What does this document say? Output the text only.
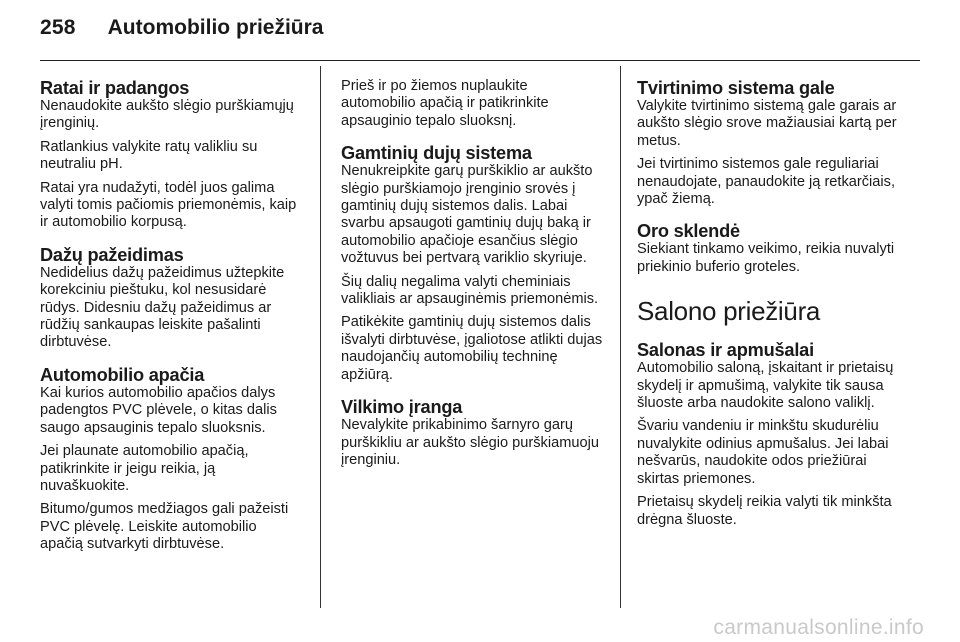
258 Automobilio priežiūra
Ratai ir padangos

Nenaudokite aukšto slėgio purškiamųjų įrenginių.

Ratlankius valykite ratų valikliu su neutraliu pH.

Ratai yra nudažyti, todėl juos galima valyti tomis pačiomis priemonėmis, kaip ir automobilio korpusą.

Dažų pažeidimas

Nedidelius dažų pažeidimus užtepkite korekciniu pieštuku, kol nesusidarė rūdys. Didesniu dažų pažeidimus ar rūdžių sankaupas leiskite pašalinti dirbtuvėse.

Automobilio apačia

Kai kurios automobilio apačios dalys padengtos PVC plėvele, o kitas dalis saugo apsauginis tepalo sluoksnis.

Jei plaunate automobilio apačią, patikrinkite ir jeigu reikia, ją nuvaškuokite.

Bitumo/gumos medžiagos gali pažeisti PVC plėvelę. Leiskite automobilio apačią sutvarkyti dirbtuvėse.

Prieš ir po žiemos nuplaukite automobilio apačią ir patikrinkite apsauginio tepalo sluoksnį.

Gamtinių dujų sistema

Nenukreipkite garų purškiklio ar aukšto slėgio purškiamojo įrenginio srovės į gamtinių dujų sistemos dalis. Labai svarbu apsaugoti gamtinių dujų baką ir automobilio apačioje esančius slėgio vožtuvus bei pertvarą variklio skyriuje.

Šių dalių negalima valyti cheminiais valikliais ar apsauginėmis priemonėmis.

Patikėkite gamtinių dujų sistemos dalis išvalyti dirbtuvėse, įgaliotose atlikti dujas naudojančių automobilių techninę apžiūrą.

Vilkimo įranga

Nevalykite prikabinimo šarnyro garų purškikliu ar aukšto slėgio purškiamuoju įrenginiu.

Tvirtinimo sistema gale

Valykite tvirtinimo sistemą gale garais ar aukšto slėgio srove mažiausiai kartą per metus.

Jei tvirtinimo sistemos gale reguliariai nenaudojate, panaudokite ją retkarčiais, ypač žiemą.

Oro sklendė

Siekiant tinkamo veikimo, reikia nuvalyti priekinio buferio groteles.

Salono priežiūra
Salonas ir apmušalai

Automobilio saloną, įskaitant ir prietaisų skydelį ir apmušimą, valykite tik sausa šluoste arba naudokite salono valiklį.

Švariu vandeniu ir minkštu skudurėliu nuvalykite odinius apmušalus. Jei labai nešvarūs, naudokite odos priežiūrai skirtas priemones.

Prietaisų skydelį reikia valyti tik minkšta drėgna šluoste.

carmanualsonline.info
